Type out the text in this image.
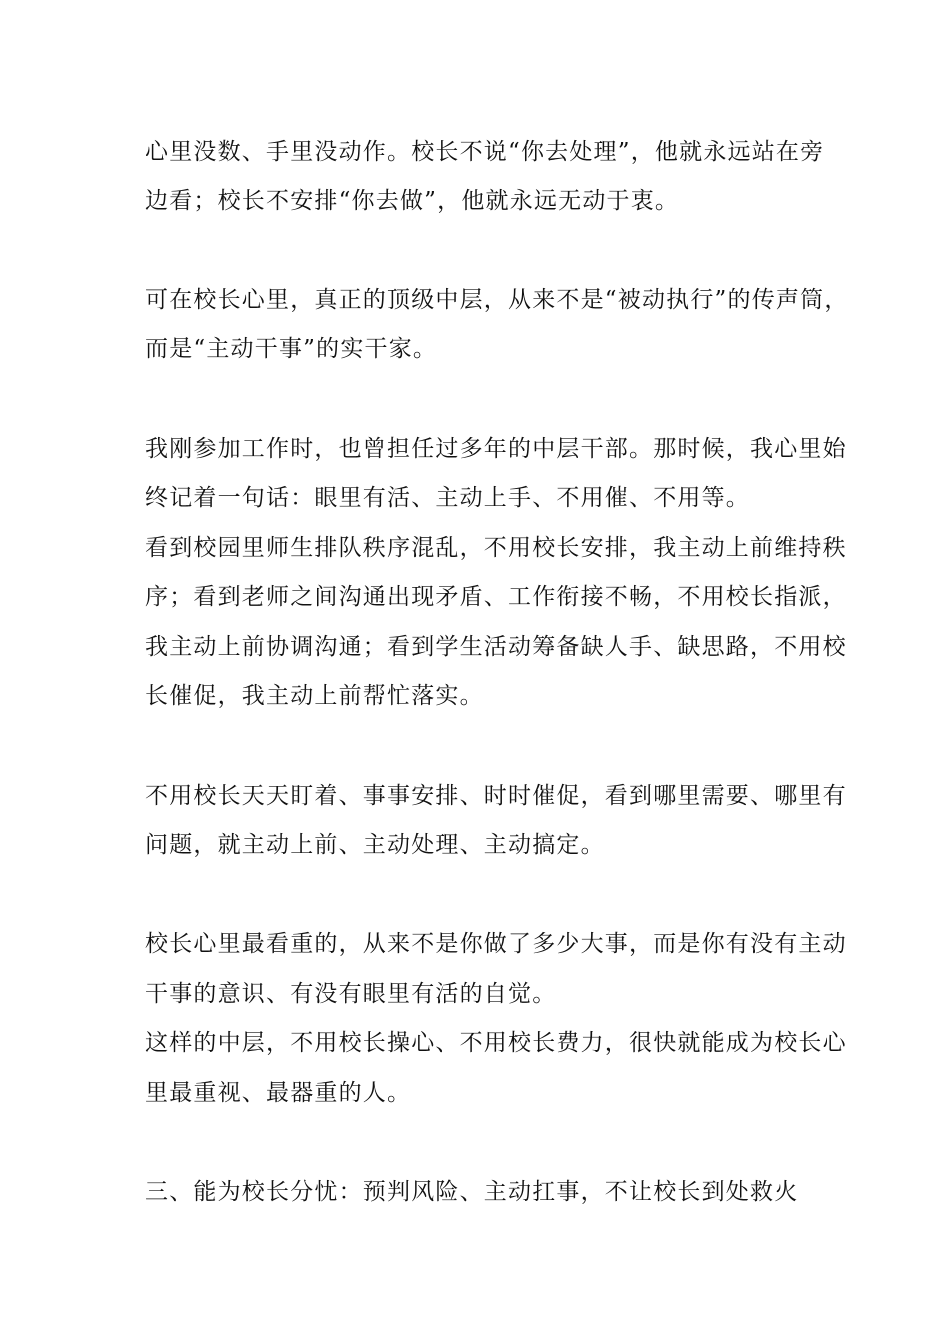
心里没数、手里没动作。校长不说“你去处理”，他就永远站在旁
边看；校长不安排“你去做”，他就永远无动于衷。
可在校长心里，真正的顶级中层，从来不是“被动执行”的传声筒，
而是“主动干事”的实干家。
我刚参加工作时，也曾担任过多年的中层干部。那时候，我心里始
终记着一句话：眼里有活、主动上手、不用催、不用等。
看到校园里师生排队秩序混乱，不用校长安排，我主动上前维持秩
序；看到老师之间沟通出现矛盾、工作衔接不畅，不用校长指派，
我主动上前协调沟通；看到学生活动筹备缺人手、缺思路，不用校
长催促，我主动上前帮忙落实。
不用校长天天盯着、事事安排、时时催促，看到哪里需要、哪里有
问题，就主动上前、主动处理、主动搞定。
校长心里最看重的，从来不是你做了多少大事，而是你有没有主动
干事的意识、有没有眼里有活的自觉。
这样的中层，不用校长操心、不用校长费力，很快就能成为校长心
里最重视、最器重的人。
三、能为校长分忧：预判风险、主动扛事，不让校长到处救火
